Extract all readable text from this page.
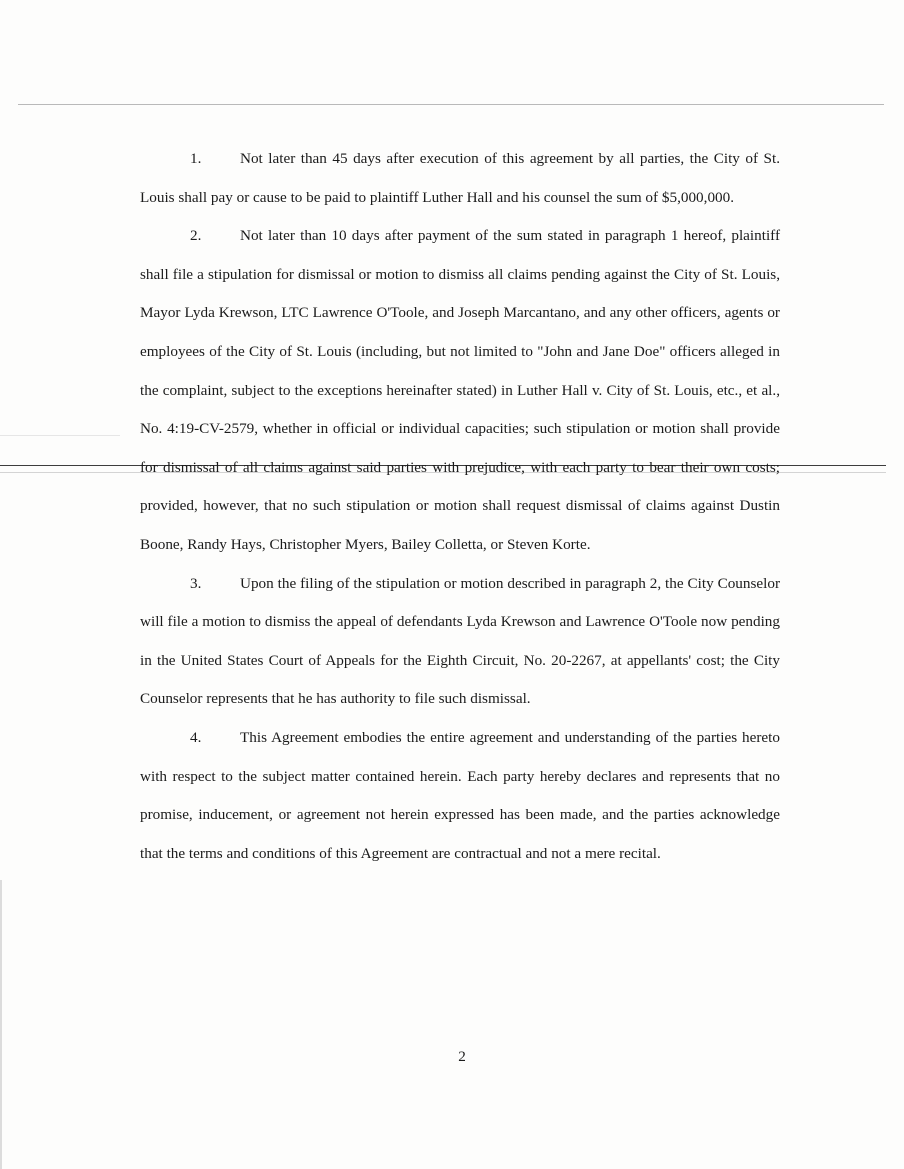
1.	Not later than 45 days after execution of this agreement by all parties, the City of St. Louis shall pay or cause to be paid to plaintiff Luther Hall and his counsel the sum of $5,000,000.

2.	Not later than 10 days after payment of the sum stated in paragraph 1 hereof, plaintiff shall file a stipulation for dismissal or motion to dismiss all claims pending against the City of St. Louis, Mayor Lyda Krewson, LTC Lawrence O'Toole, and Joseph Marcantano, and any other officers, agents or employees of the City of St. Louis (including, but not limited to "John and Jane Doe" officers alleged in the complaint, subject to the exceptions hereinafter stated) in Luther Hall v. City of St. Louis, etc., et al., No. 4:19-CV-2579, whether in official or individual capacities; such stipulation or motion shall provide for dismissal of all claims against said parties with prejudice, with each party to bear their own costs; provided, however, that no such stipulation or motion shall request dismissal of claims against Dustin Boone, Randy Hays, Christopher Myers, Bailey Colletta, or Steven Korte.

3.	Upon the filing of the stipulation or motion described in paragraph 2, the City Counselor will file a motion to dismiss the appeal of defendants Lyda Krewson and Lawrence O'Toole now pending in the United States Court of Appeals for the Eighth Circuit, No. 20-2267, at appellants' cost; the City Counselor represents that he has authority to file such dismissal.

4.	This Agreement embodies the entire agreement and understanding of the parties hereto with respect to the subject matter contained herein. Each party hereby declares and represents that no promise, inducement, or agreement not herein expressed has been made, and the parties acknowledge that the terms and conditions of this Agreement are contractual and not a mere recital.

2
